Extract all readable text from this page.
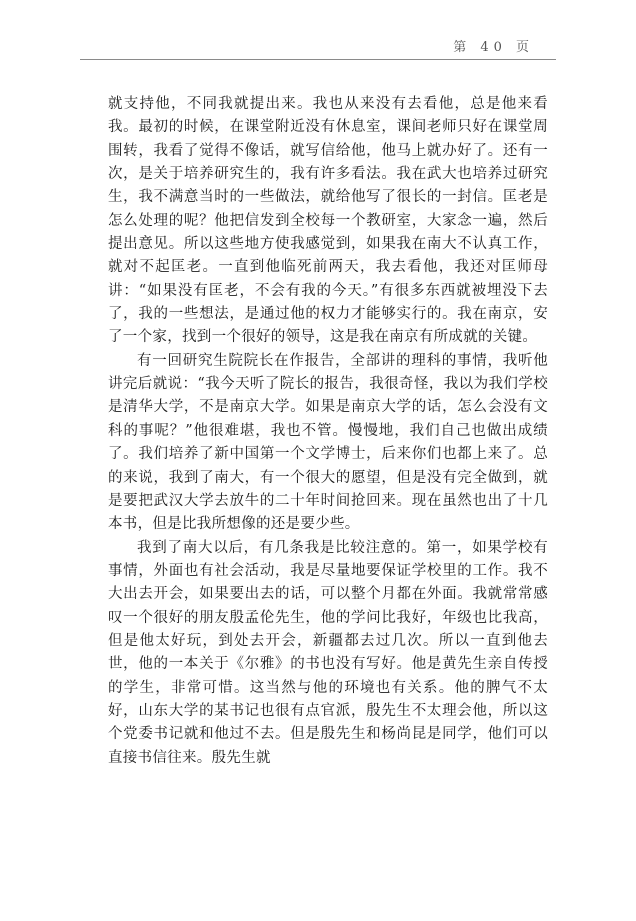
第 40 页

就支持他，不同我就提出来。我也从来没有去看他，总是他来看我。最初的时候，在课堂附近没有休息室，课间老师只好在课堂周围转，我看了觉得不像话，就写信给他，他马上就办好了。还有一次，是关于培养研究生的，我有许多看法。我在武大也培养过研究生，我不满意当时的一些做法，就给他写了很长的一封信。匡老是怎么处理的呢？他把信发到全校每一个教研室，大家念一遍，然后提出意见。所以这些地方使我感觉到，如果我在南大不认真工作，就对不起匡老。一直到他临死前两天，我去看他，我还对匡师母讲：“如果没有匡老，不会有我的今天。”有很多东西就被埋没下去了，我的一些想法，是通过他的权力才能够实行的。我在南京，安了一个家，找到一个很好的领导，这是我在南京有所成就的关键。

有一回研究生院院长在作报告，全部讲的理科的事情，我听他讲完后就说：“我今天听了院长的报告，我很奇怪，我以为我们学校是清华大学，不是南京大学。如果是南京大学的话，怎么会没有文科的事呢？”他很难堪，我也不管。慢慢地，我们自己也做出成绩了。我们培养了新中国第一个文学博士，后来你们也都上来了。总的来说，我到了南大，有一个很大的愿望，但是没有完全做到，就是要把武汉大学去放牛的二十年时间抢回来。现在虽然也出了十几本书，但是比我所想像的还是要少些。

我到了南大以后，有几条我是比较注意的。第一，如果学校有事情，外面也有社会活动，我是尽量地要保证学校里的工作。我不大出去开会，如果要出去的话，可以整个月都在外面。我就常常感叹一个很好的朋友殷孟伦先生，他的学问比我好，年级也比我高，但是他太好玩，到处去开会，新疆都去过几次。所以一直到他去世，他的一本关于《尔雅》的书也没有写好。他是黄先生亲自传授的学生，非常可惜。这当然与他的环境也有关系。他的脾气不太好，山东大学的某书记也很有点官派，殷先生不太理会他，所以这个党委书记就和他过不去。但是殷先生和杨尚昆是同学，他们可以直接书信往来。殷先生就
